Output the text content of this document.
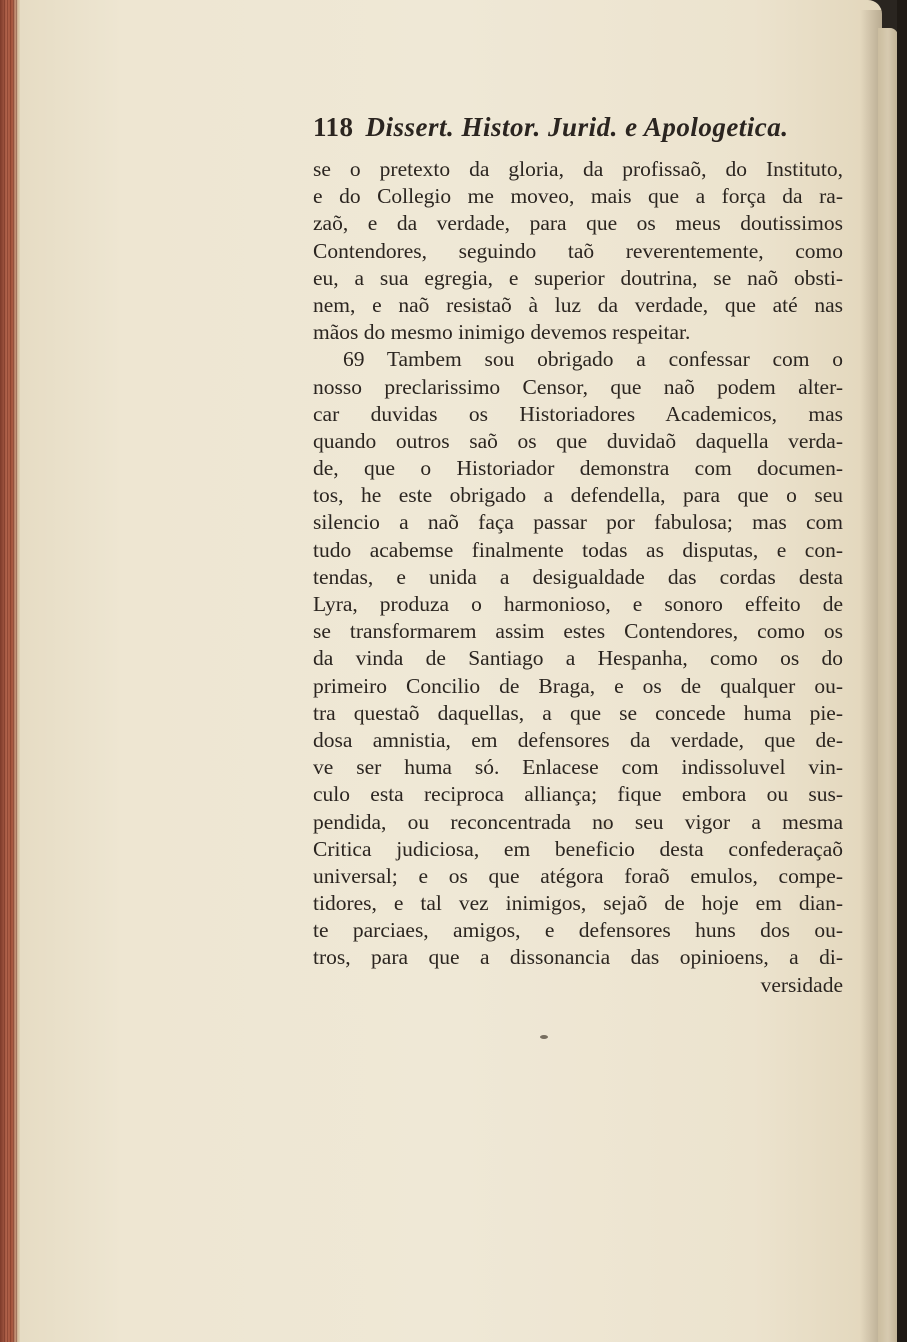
118 Dissert. Histor. Jurid. e Apologetica.
se o pretexto da gloria, da profissaõ, do Instituto,
e do Collegio me moveo, mais que a força da ra-
zaõ, e da verdade, para que os meus doutissimos
Contendores, seguindo taõ reverentemente, como
eu, a sua egregia, e superior doutrina, se naõ obsti-
nem, e naõ resistaõ à luz da verdade, que até nas
mãos do mesmo inimigo devemos respeitar.
69 Tambem sou obrigado a confessar com o
nosso preclarissimo Censor, que naõ podem alter-
car duvidas os Historiadores Academicos, mas
quando outros saõ os que duvidaõ daquella verda-
de, que o Historiador demonstra com documen-
tos, he este obrigado a defendella, para que o seu
silencio a naõ faça passar por fabulosa; mas com
tudo acabemse finalmente todas as disputas, e con-
tendas, e unida a desigualdade das cordas desta
Lyra, produza o harmonioso, e sonoro effeito de
se transformarem assim estes Contendores, como os
da vinda de Santiago a Hespanha, como os do
primeiro Concilio de Braga, e os de qualquer ou-
tra questaõ daquellas, a que se concede huma pie-
dosa amnistia, em defensores da verdade, que de-
ve ser huma só. Enlacese com indissoluvel vin-
culo esta reciproca alliança; fique embora ou sus-
pendida, ou reconcentrada no seu vigor a mesma
Critica judiciosa, em beneficio desta confederaçaõ
universal; e os que atégora foraõ emulos, compe-
tidores, e tal vez inimigos, sejaõ de hoje em dian-
te parciaes, amigos, e defensores huns dos ou-
tros, para que a dissonancia das opinioens, a di-
versidade
